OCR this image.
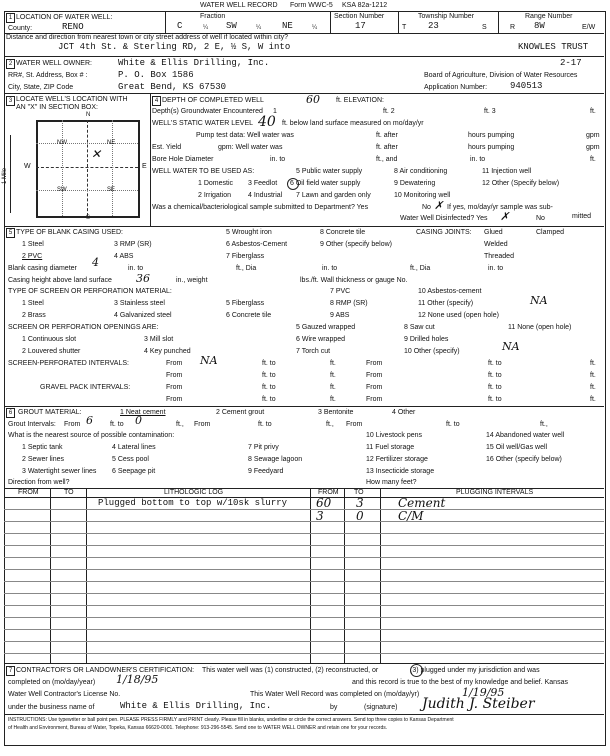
WATER WELL RECORD Form WWC-5 KSA 82a-1212
1 LOCATION OF WATER WELL:
County:	RENO
Fraction
C	¼ SW	¼ NE	¼
Section Number
17
Township Number
T 23	S
Range Number
R 8W	E/W
Distance and direction from nearest town or city street address of well if located within city?
JCT 4th St. & Sterling RD, 2 E, ½ S, W into	KNOWLES TRUST
2 WATER WELL OWNER:	White & Ellis Drilling, Inc.	2-17
RR#, St. Address, Box # :	P. O. Box 1586	Board of Agriculture, Division of Water Resources
City, State, ZIP Code	Great Bend, KS 67530	Application Number:	940513
3 LOCATE WELL'S LOCATION WITH
AN "X" IN SECTION BOX:
N
S
W	E
1 Mile
NW	NE
SW	SE
✕
4 DEPTH OF COMPLETED WELL	60 ft. ELEVATION:
Depth(s) Groundwater Encountered 1	ft. 2	ft. 3	ft.
WELL'S STATIC WATER LEVEL 40 ft. below land surface measured on mo/day/yr
Pump test data: Well water was	ft. after	hours pumping	gpm
Est. Yield	gpm: Well water was	ft. after	hours pumping	gpm
Bore Hole Diameter	in. to	ft., and	in. to	ft.
WELL WATER TO BE USED AS:	5 Public water supply	8 Air conditioning	11 Injection well
1 Domestic 3 Feedlot 6 Oil field water supply	9 Dewatering	12 Other (Specify below)
2 Irrigation 4 Industrial 7 Lawn and garden only	10 Monitoring well
Was a chemical/bacteriological sample submitted to Department? Yes	No ✗ If yes, mo/day/yr sample was sub-
mitted
Water Well Disinfected? Yes ✗	No
5 TYPE OF BLANK CASING USED:	5 Wrought iron	8 Concrete tile	CASING JOINTS: Glued	Clamped
1 Steel	3 RMP (SR)	6 Asbestos-Cement	9 Other (specify below)	Welded
2 PVC	4 ABS	7 Fiberglass	Threaded
Blank casing diameter 4	in. to	ft., Dia	in. to	ft., Dia	in. to
Casing height above land surface 36	in., weight	lbs./ft. Wall thickness or gauge No.
TYPE OF SCREEN OR PERFORATION MATERIAL:	7 PVC	10 Asbestos-cement
1 Steel	3 Stainless steel	5 Fiberglass	8 RMP (SR)	11 Other (specify)	NA
2 Brass	4 Galvanized steel	6 Concrete tile	9 ABS	12 None used (open hole)
SCREEN OR PERFORATION OPENINGS ARE:	5 Gauzed wrapped	8 Saw cut	11 None (open hole)
1 Continuous slot	3 Mill slot	6 Wire wrapped	9 Drilled holes
2 Louvered shutter	4 Key punched	7 Torch cut	10 Other (specify)	NA
SCREEN-PERFORATED INTERVALS:	NA
From	ft. to	ft.	From	ft. to	ft.
From	ft. to	ft.	From	ft. to	ft.
GRAVEL PACK INTERVALS:	From	ft. to	ft.	From	ft. to	ft.
From	ft. to	ft.	From	ft. to	ft.
6 GROUT MATERIAL:	1 Neat cement	2 Cement grout	3 Bentonite	4 Other
Grout Intervals: From 6 ft. to 0	ft., From	ft. to	ft., From	ft. to	ft.,
What is the nearest source of possible contamination:	10 Livestock pens	14 Abandoned water well
1 Septic tank	4 Lateral lines	7 Pit privy	11 Fuel storage	15 Oil well/Gas well
2 Sewer lines	5 Cess pool	8 Sewage lagoon	12 Fertilizer storage	16 Other (specify below)
3 Watertight sewer lines 6 Seepage pit	9 Feedyard	13 Insecticide storage
Direction from well?	How many feet?
FROM	TO	LITHOLOGIC LOG	FROM TO	PLUGGING INTERVALS
Plugged bottom to top w/10sk slurry 60 3	Cement
3	0	C/M
7 CONTRACTOR'S OR LANDOWNER'S CERTIFICATION: This water well was (1) constructed, (2) reconstructed, or	(3) plugged under my jurisdiction and was
completed on (mo/day/year) 1/18/95	and this record is true to the best of my knowledge and belief. Kansas
Water Well Contractor's License No.	This Water Well Record was completed on (mo/day/yr)	1/19/95
under the business name of	White & Ellis Drilling, Inc.	by	(signature) Judith J. Steiber
INSTRUCTIONS: Use typewriter or ball point pen. PLEASE PRESS FIRMLY and PRINT clearly. Please fill in blanks, underline or circle the correct answers. Send top three copies to Kansas Department
of Health and Environment, Bureau of Water, Topeka, Kansas 66620-0001. Telephone: 913-296-5545. Send one to WATER WELL OWNER and retain one for your records.
